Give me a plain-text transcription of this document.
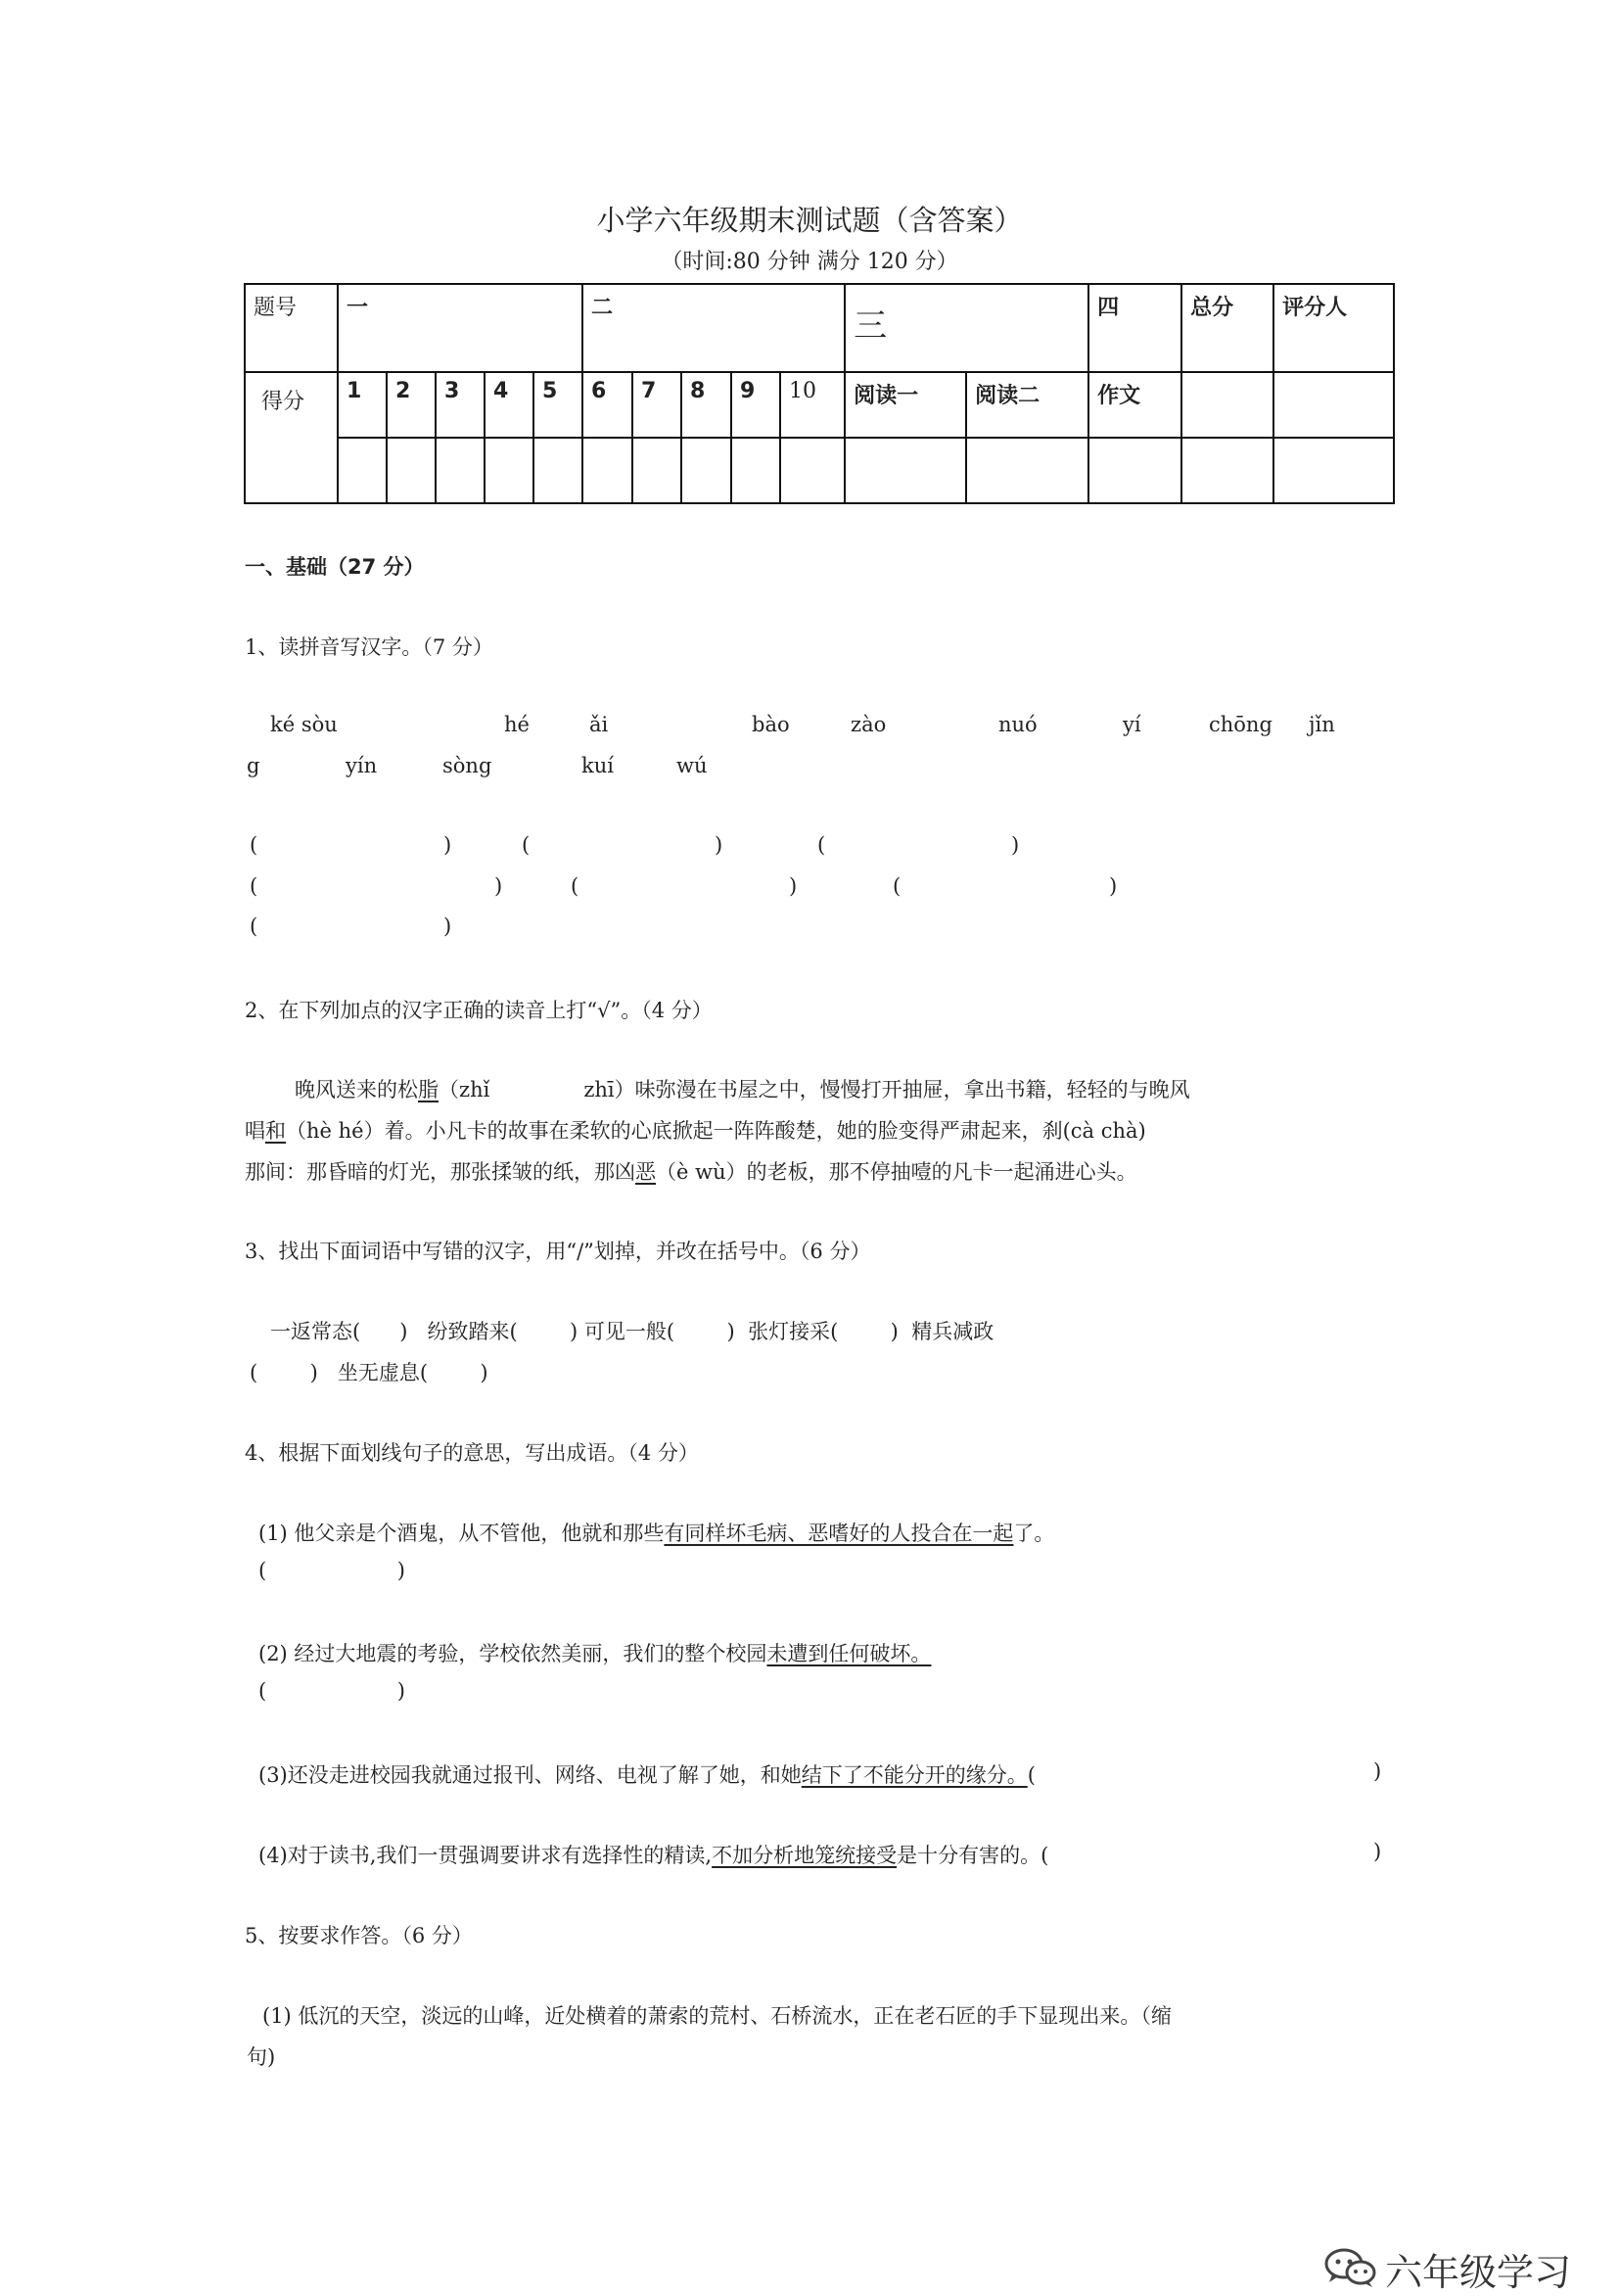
小学六年级期末测试题（含答案）
（时间:80 分钟 满分 120 分）
题号	一					二					三		四	总分	评分人
得分	1	2	3	4	5	6	7	8	9	10	阅读一	阅读二	作文		

一、基础（27 分）
1、读拼音写汉字。（7 分）
ké sòu	hé	ǎi	bào	zào	nuó	yí	chōng jǐn
g	yín	sòng	kuí	wú
(	)	(	)	(	)
(	)	(	)	(	)
(	)
2、在下列加点的汉字正确的读音上打“√”。（4 分）
晚风送来的松脂（zhǐ	zhī）味弥漫在书屋之中，慢慢打开抽屉，拿出书籍，轻轻的与晚风
唱和（hè hé）着。小凡卡的故事在柔软的心底掀起一阵阵酸楚，她的脸变得严肃起来，刹(cà chà)
那间：那昏暗的灯光，那张揉皱的纸，那凶恶（è wù）的老板，那不停抽噎的凡卡一起涌进心头。
3、找出下面词语中写错的汉字，用“/”划掉，并改在括号中。（6 分）
一返常态(      )   纷致踏来(        ) 可见一般(        )  张灯接采(        )  精兵减政
(        )   坐无虚息(        )
4、根据下面划线句子的意思，写出成语。（4 分）
(1) 他父亲是个酒鬼，从不管他，他就和那些有同样坏毛病、恶嗜好的人投合在一起了。
(                    )
(2) 经过大地震的考验，学校依然美丽，我们的整个校园未遭到任何破坏。
(                    )
(3)还没走进校园我就通过报刊、网络、电视了解了她，和她结下了不能分开的缘分。(	)
(4)对于读书,我们一贯强调要讲求有选择性的精读,不加分析地笼统接受是十分有害的。(	)
5、按要求作答。（6 分）
(1) 低沉的天空，淡远的山峰，近处横着的萧索的荒村、石桥流水，正在老石匠的手下显现出来。（缩
句)
六年级学习
